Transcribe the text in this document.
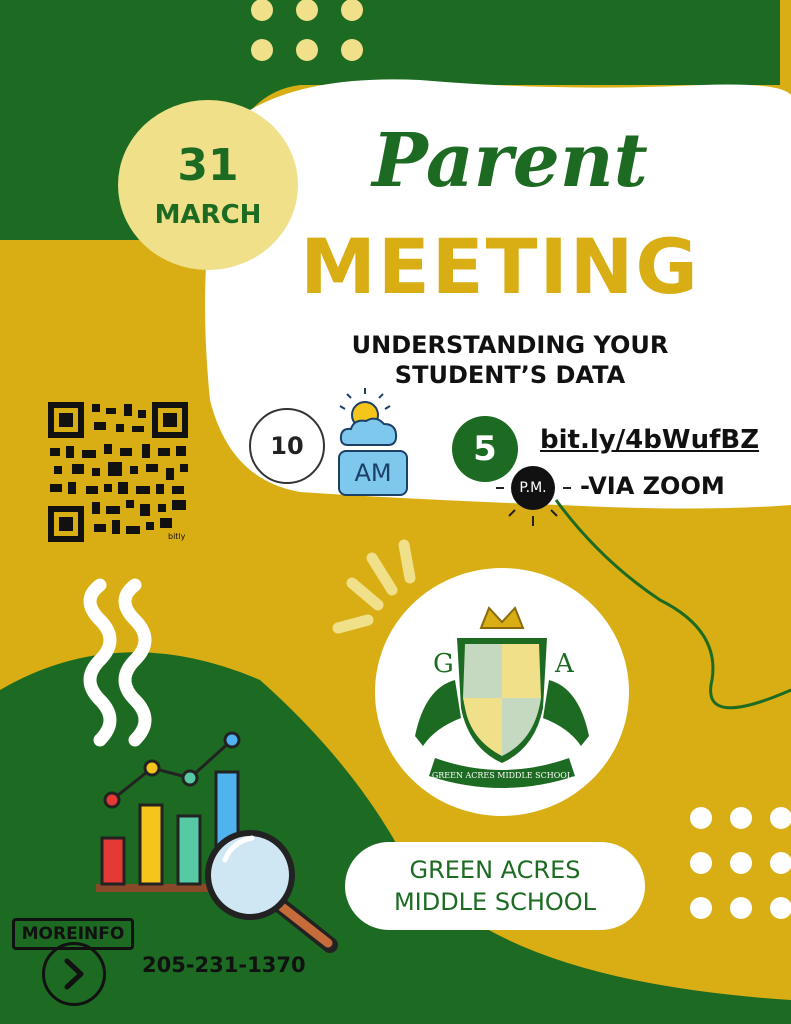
31
MARCH
Parent
MEETING
UNDERSTANDING YOUR
STUDENT’S DATA
10
AM
5
P.M.
bit.ly/4bWufBZ
-VIA ZOOM
bitly
G	A
GREEN ACRES MIDDLE SCHOOL
GREEN ACRES
MIDDLE SCHOOL
MOREINFO
205-231-1370
